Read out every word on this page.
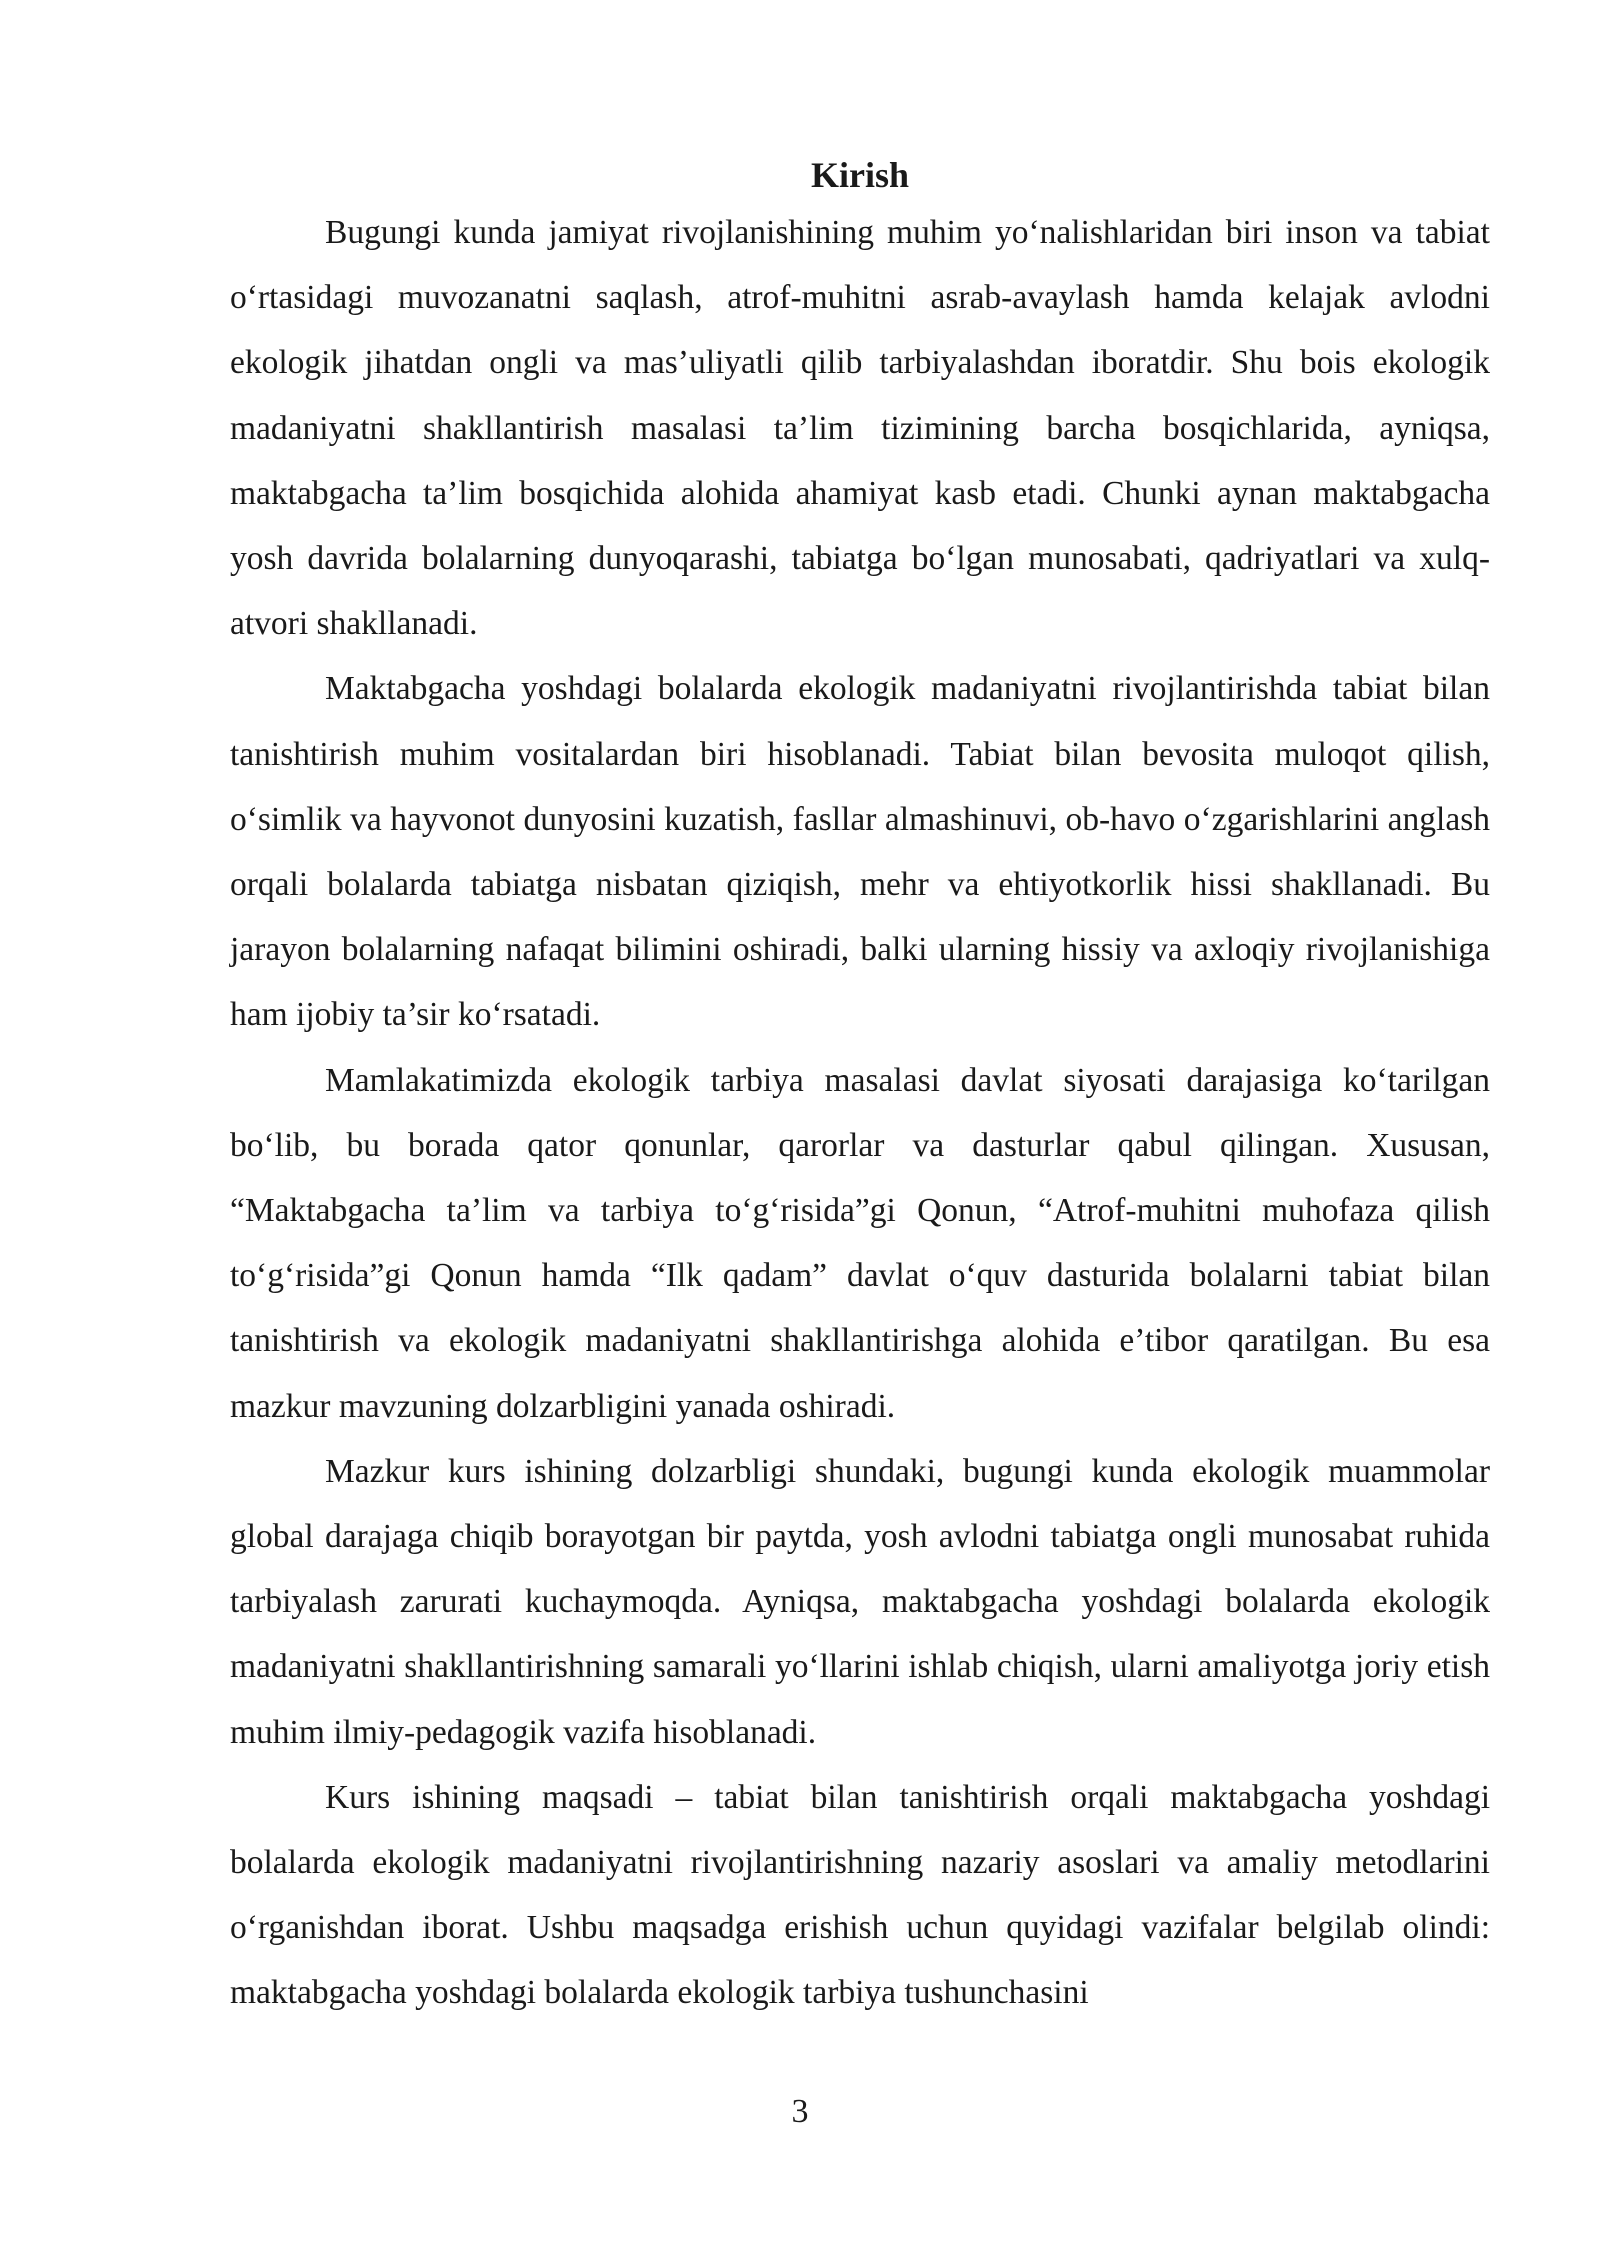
Kirish

Bugungi kunda jamiyat rivojlanishining muhim yo‘nalishlaridan biri inson va tabiat o‘rtasidagi muvozanatni saqlash, atrof-muhitni asrab-avaylash hamda kelajak avlodni ekologik jihatdan ongli va mas’uliyatli qilib tarbiyalashdan iboratdir. Shu bois ekologik madaniyatni shakllantirish masalasi ta’lim tizimining barcha bosqichlarida, ayniqsa, maktabgacha ta’lim bosqichida alohida ahamiyat kasb etadi. Chunki aynan maktabgacha yosh davrida bolalarning dunyoqarashi, tabiatga bo‘lgan munosabati, qadriyatlari va xulq-atvori shakllanadi.

Maktabgacha yoshdagi bolalarda ekologik madaniyatni rivojlantirishda tabiat bilan tanishtirish muhim vositalardan biri hisoblanadi. Tabiat bilan bevosita muloqot qilish, o‘simlik va hayvonot dunyosini kuzatish, fasllar almashinuvi, ob-havo o‘zgarishlarini anglash orqali bolalarda tabiatga nisbatan qiziqish, mehr va ehtiyotkorlik hissi shakllanadi. Bu jarayon bolalarning nafaqat bilimini oshiradi, balki ularning hissiy va axloqiy rivojlanishiga ham ijobiy ta’sir ko‘rsatadi.

Mamlakatimizda ekologik tarbiya masalasi davlat siyosati darajasiga ko‘tarilgan bo‘lib, bu borada qator qonunlar, qarorlar va dasturlar qabul qilingan. Xususan, “Maktabgacha ta’lim va tarbiya to‘g‘risida”gi Qonun, “Atrof-muhitni muhofaza qilish to‘g‘risida”gi Qonun hamda “Ilk qadam” davlat o‘quv dasturida bolalarni tabiat bilan tanishtirish va ekologik madaniyatni shakllantirishga alohida e’tibor qaratilgan. Bu esa mazkur mavzuning dolzarbligini yanada oshiradi.

Mazkur kurs ishining dolzarbligi shundaki, bugungi kunda ekologik muammolar global darajaga chiqib borayotgan bir paytda, yosh avlodni tabiatga ongli munosabat ruhida tarbiyalash zarurati kuchaymoqda. Ayniqsa, maktabgacha yoshdagi bolalarda ekologik madaniyatni shakllantirishning samarali yo‘llarini ishlab chiqish, ularni amaliyotga joriy etish muhim ilmiy-pedagogik vazifa hisoblanadi.

Kurs ishining maqsadi – tabiat bilan tanishtirish orqali maktabgacha yoshdagi bolalarda ekologik madaniyatni rivojlantirishning nazariy asoslari va amaliy metodlarini o‘rganishdan iborat. Ushbu maqsadga erishish uchun quyidagi vazifalar belgilab olindi: maktabgacha yoshdagi bolalarda ekologik tarbiya tushunchasini

3
